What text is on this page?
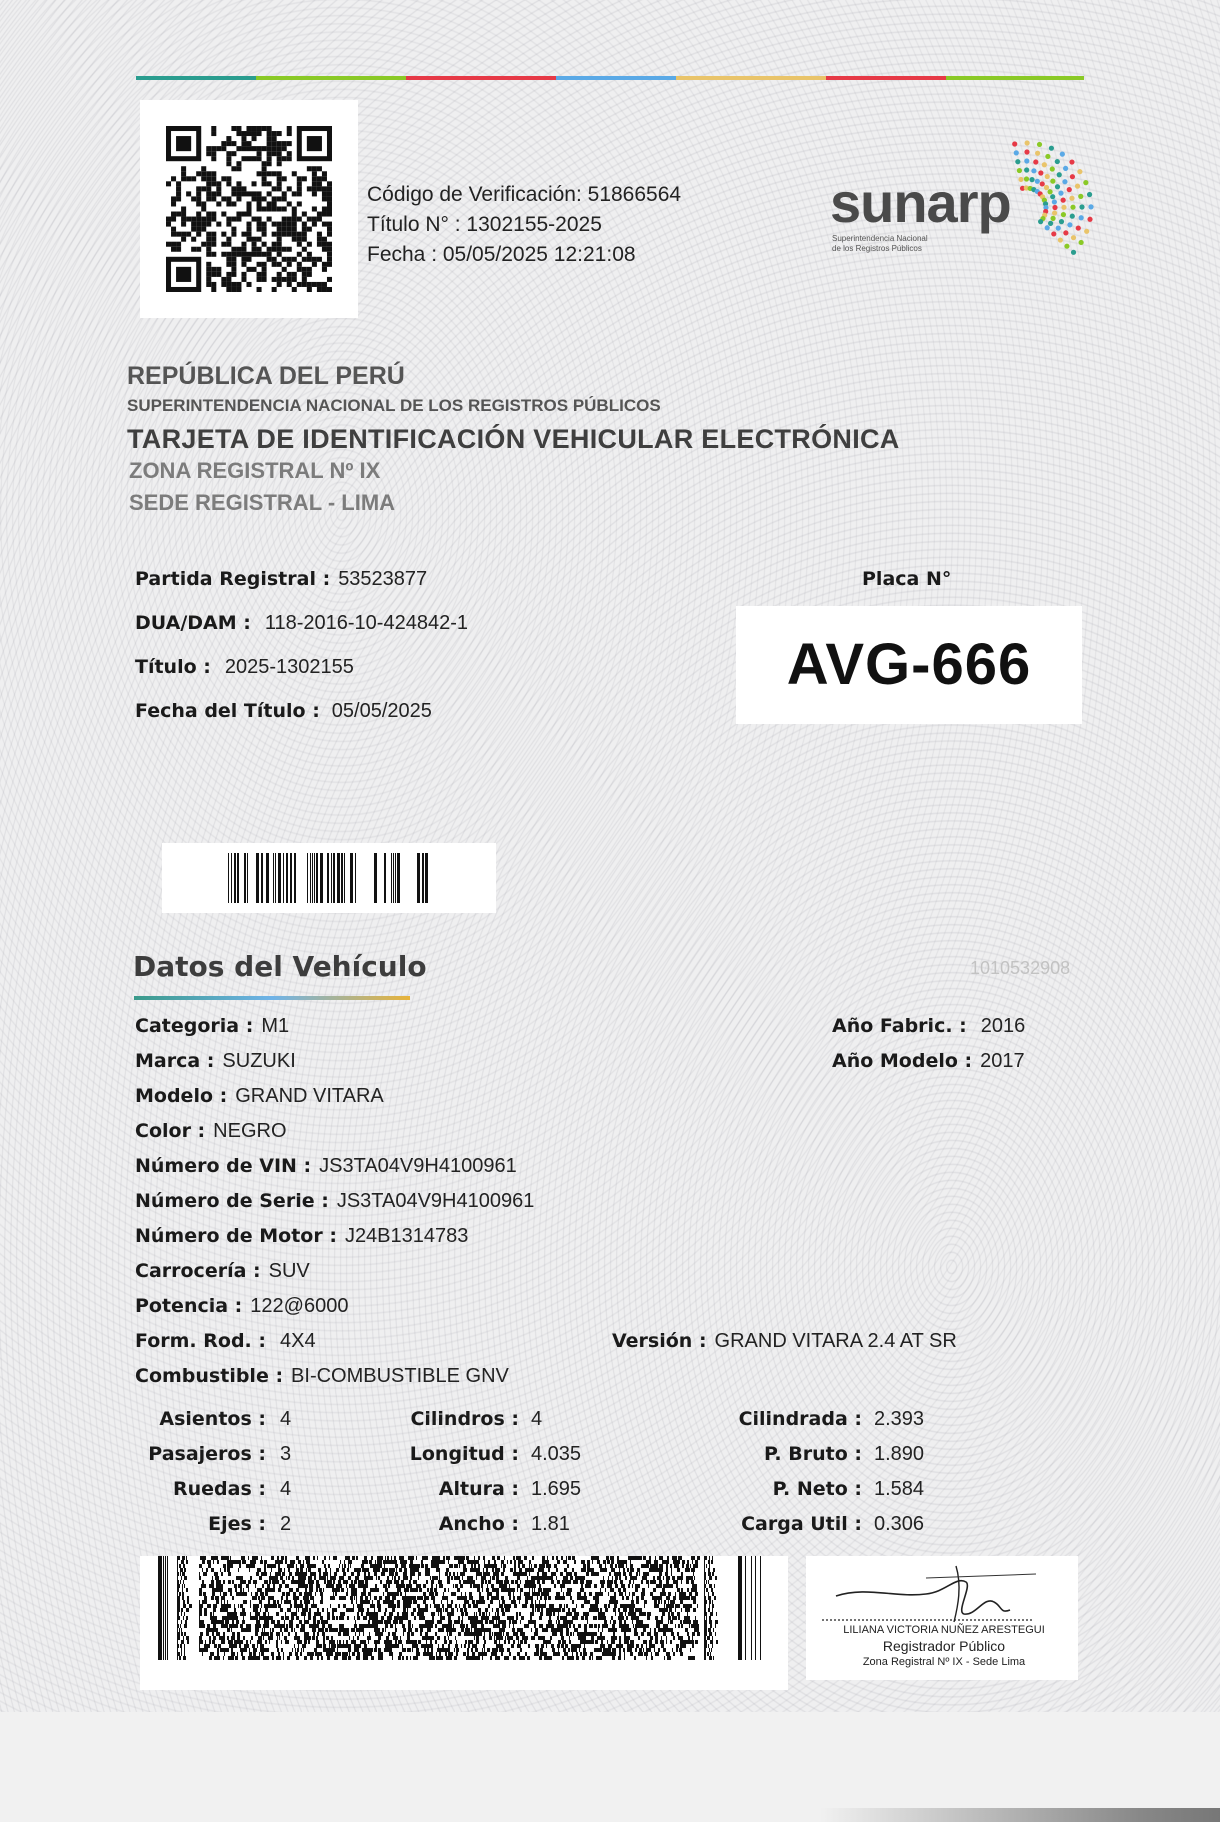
Código de Verificación: 51866564
Título N° : 1302155-2025
Fecha : 05/05/2025 12:21:08
sunarp
Superintendencia Nacional
de los Registros Públicos
REPÚBLICA DEL PERÚ
SUPERINTENDENCIA NACIONAL DE LOS REGISTROS PÚBLICOS
TARJETA DE IDENTIFICACIÓN VEHICULAR ELECTRÓNICA
ZONA REGISTRAL Nº IX
SEDE REGISTRAL - LIMA
Partida Registral : 53523877
DUA/DAM : 118-2016-10-424842-1
Título : 2025-1302155
Fecha del Título : 05/05/2025
Placa N°
AVG-666
Datos del Vehículo	1010532908
Categoria : M1
Marca : SUZUKI
Modelo : GRAND VITARA
Color : NEGRO
Número de VIN : JS3TA04V9H4100961
Número de Serie : JS3TA04V9H4100961
Número de Motor : J24B1314783
Carrocería : SUV
Potencia : 122@6000
Form. Rod. : 4X4
Combustible : BI-COMBUSTIBLE GNV
Año Fabric. : 2016
Año Modelo : 2017
Versión : GRAND VITARA 2.4 AT SR
Asientos : 4
Pasajeros : 3
Ruedas : 4
Ejes : 2
Cilindros : 4
Longitud : 4.035
Altura : 1.695
Ancho : 1.81
Cilindrada : 2.393
P. Bruto : 1.890
P. Neto : 1.584
Carga Util : 0.306
LILIANA VICTORIA NUÑEZ ARESTEGUI
Registrador Público
Zona Registral Nº IX - Sede Lima
